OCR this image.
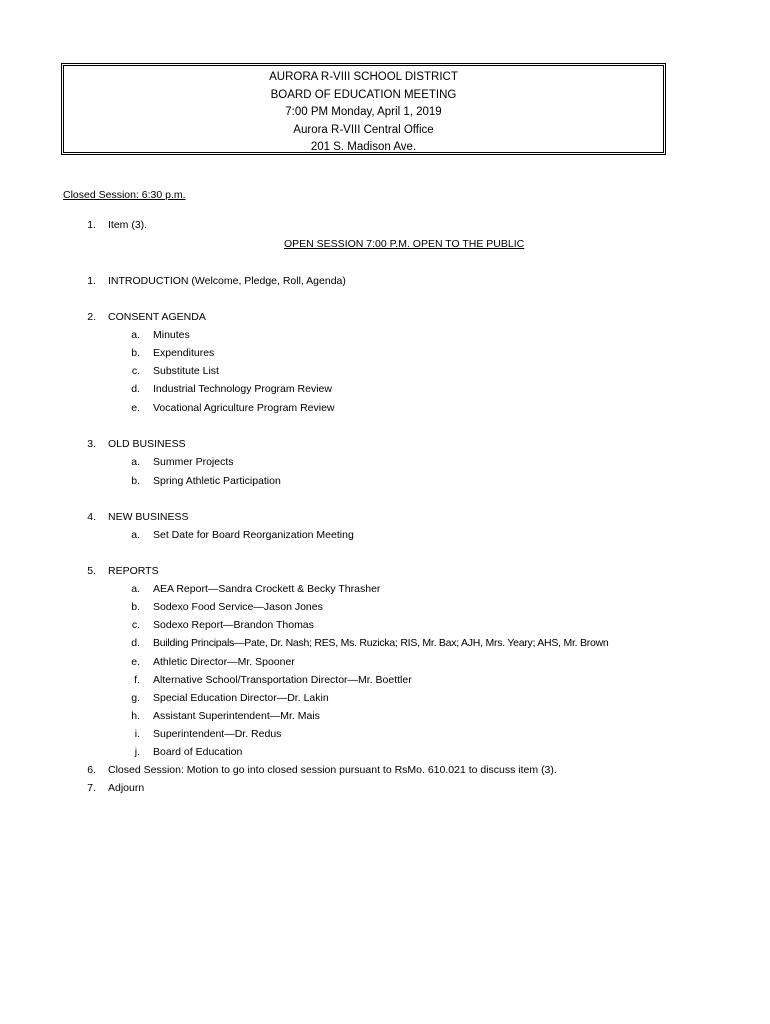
AURORA R-VIII SCHOOL DISTRICT
BOARD OF EDUCATION MEETING
7:00 PM Monday, April 1, 2019
Aurora R-VIII Central Office
201 S. Madison Ave.
Closed Session: 6:30 p.m.
1. Item (3).
OPEN SESSION 7:00 P.M. OPEN TO THE PUBLIC
1. INTRODUCTION (Welcome, Pledge, Roll, Agenda)
2. CONSENT AGENDA
a. Minutes
b. Expenditures
c. Substitute List
d. Industrial Technology Program Review
e. Vocational Agriculture Program Review
3. OLD BUSINESS
a. Summer Projects
b. Spring Athletic Participation
4. NEW BUSINESS
a. Set Date for Board Reorganization Meeting
5. REPORTS
a. AEA Report—Sandra Crockett & Becky Thrasher
b. Sodexo Food Service—Jason Jones
c. Sodexo Report—Brandon Thomas
d. Building Principals—Pate, Dr. Nash; RES, Ms. Ruzicka; RIS, Mr. Bax; AJH, Mrs. Yeary; AHS, Mr. Brown
e. Athletic Director—Mr. Spooner
f. Alternative School/Transportation Director—Mr. Boettler
g. Special Education Director—Dr. Lakin
h. Assistant Superintendent—Mr. Mais
i. Superintendent—Dr. Redus
j. Board of Education
6. Closed Session: Motion to go into closed session pursuant to RsMo. 610.021 to discuss item (3).
7. Adjourn
